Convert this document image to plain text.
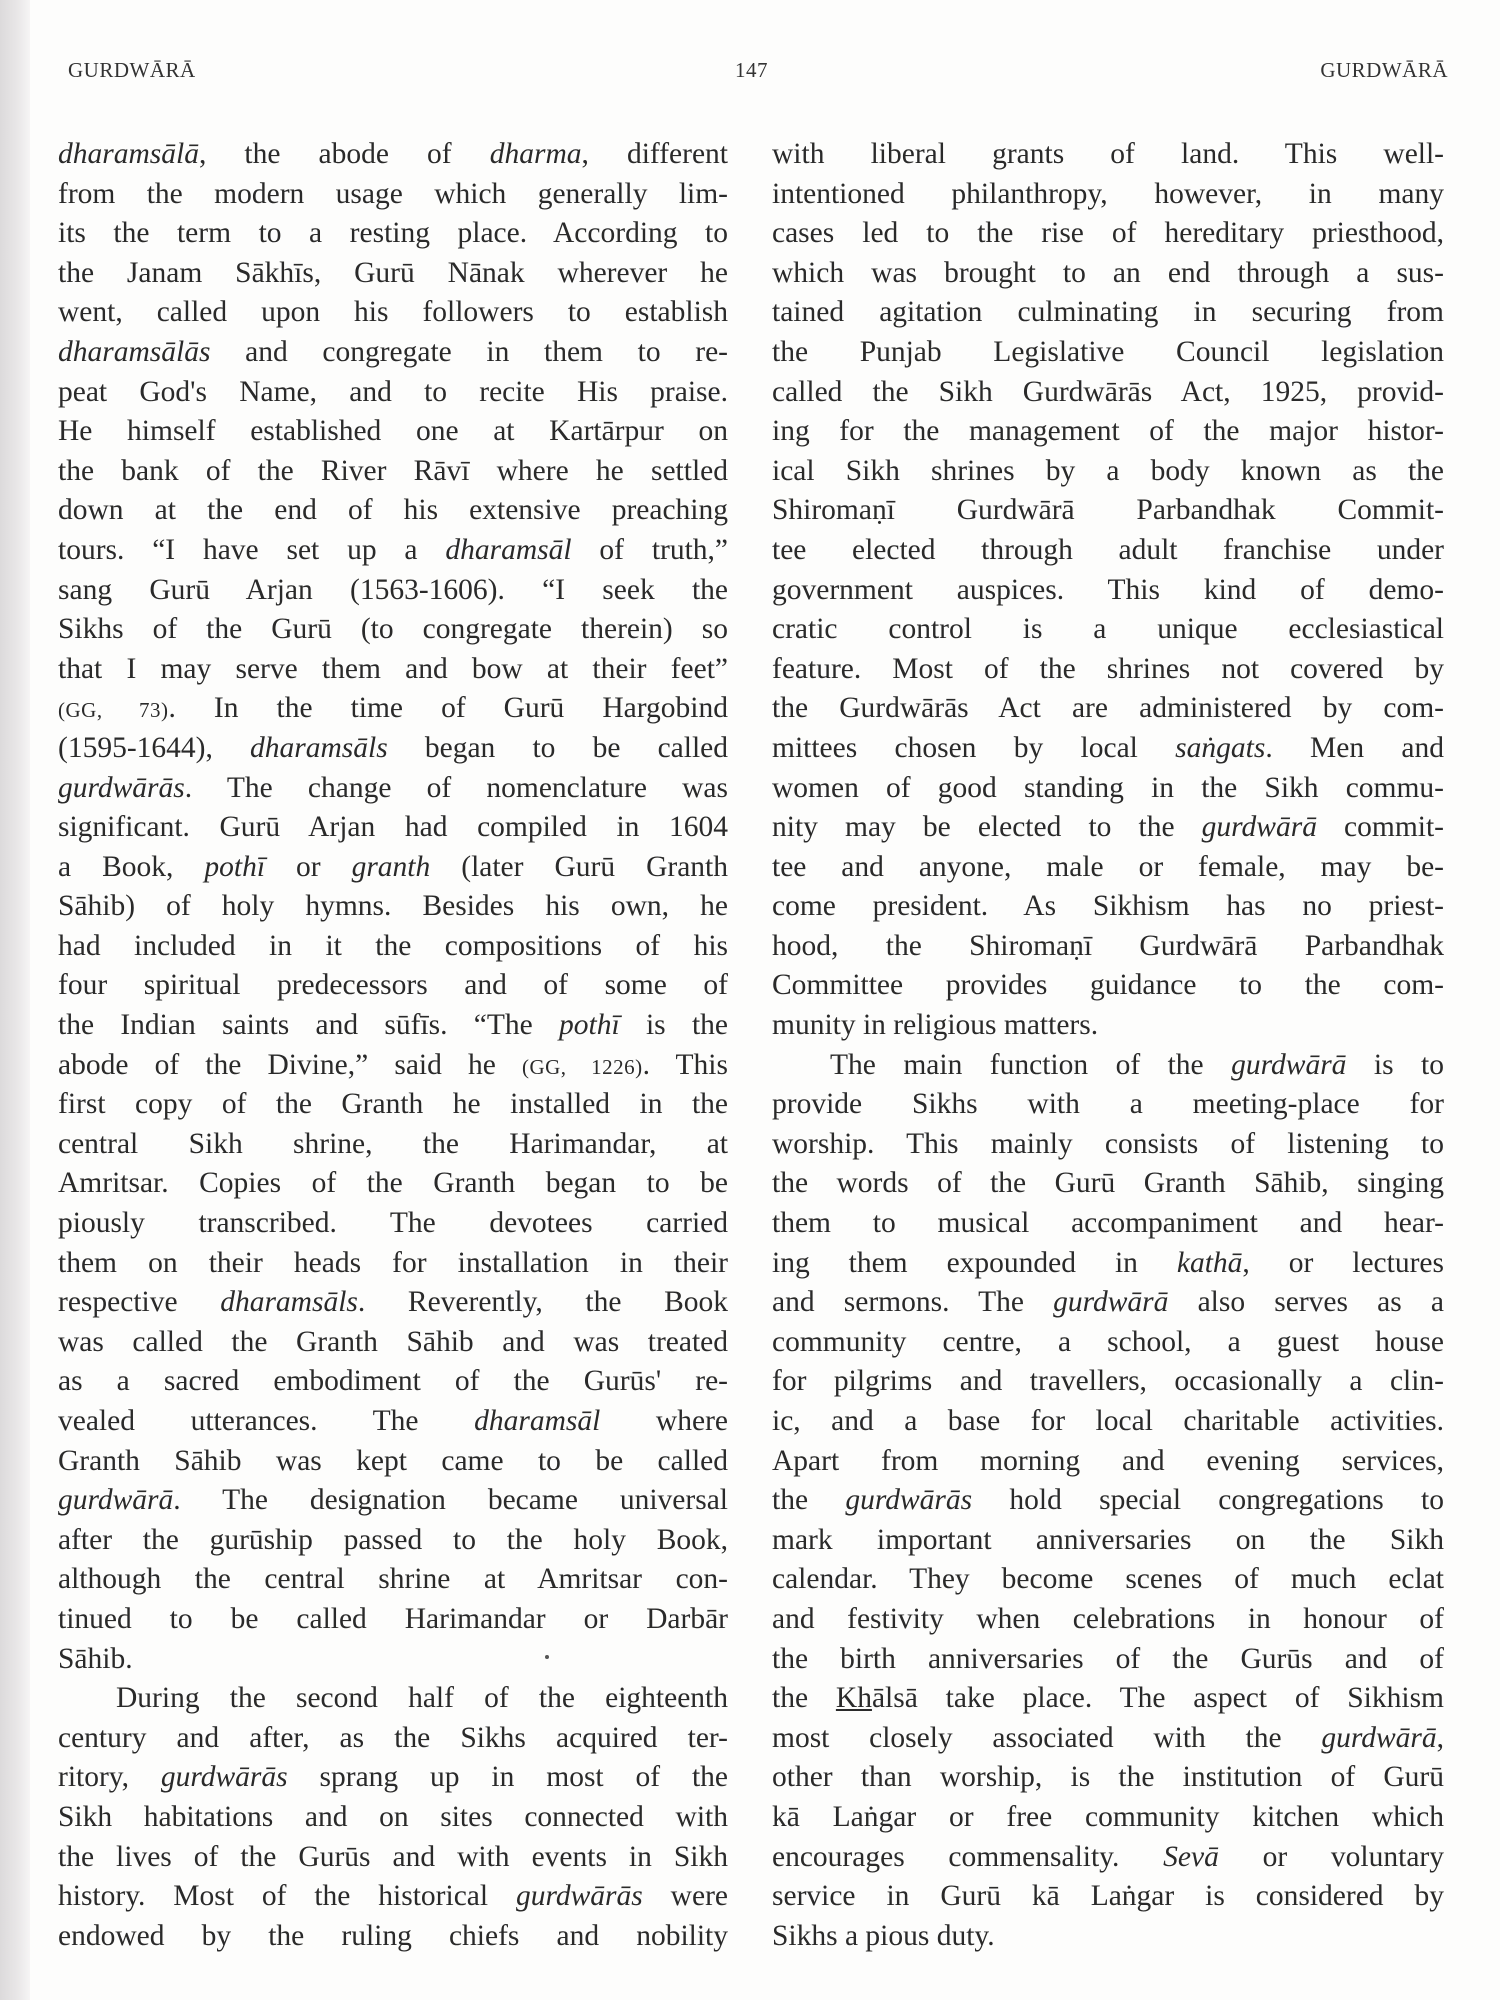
GURDWĀRĀ	147	GURDWĀRĀ
dharamsālā, the abode of dharma, different
from the modern usage which generally lim-
its the term to a resting place. According to
the Janam Sākhīs, Gurū Nānak wherever he
went, called upon his followers to establish
dharamsālās and congregate in them to re-
peat God's Name, and to recite His praise.
He himself established one at Kartārpur on
the bank of the River Rāvī where he settled
down at the end of his extensive preaching
tours. “I have set up a dharamsāl of truth,”
sang Gurū Arjan (1563-1606). “I seek the
Sikhs of the Gurū (to congregate therein) so
that I may serve them and bow at their feet”
(GG, 73). In the time of Gurū Hargobind
(1595-1644), dharamsāls began to be called
gurdwārās. The change of nomenclature was
significant. Gurū Arjan had compiled in 1604
a Book, pothī or granth (later Gurū Granth
Sāhib) of holy hymns. Besides his own, he
had included in it the compositions of his
four spiritual predecessors and of some of
the Indian saints and sūfīs. “The pothī is the
abode of the Divine,” said he (GG, 1226). This
first copy of the Granth he installed in the
central Sikh shrine, the Harimandar, at
Amritsar. Copies of the Granth began to be
piously transcribed. The devotees carried
them on their heads for installation in their
respective dharamsāls. Reverently, the Book
was called the Granth Sāhib and was treated
as a sacred embodiment of the Gurūs' re-
vealed utterances. The dharamsāl where
Granth Sāhib was kept came to be called
gurdwārā. The designation became universal
after the gurūship passed to the holy Book,
although the central shrine at Amritsar con-
tinued to be called Harimandar or Darbār
Sāhib.
During the second half of the eighteenth
century and after, as the Sikhs acquired ter-
ritory, gurdwārās sprang up in most of the
Sikh habitations and on sites connected with
the lives of the Gurūs and with events in Sikh
history. Most of the historical gurdwārās were
endowed by the ruling chiefs and nobility
with liberal grants of land. This well-
intentioned philanthropy, however, in many
cases led to the rise of hereditary priesthood,
which was brought to an end through a sus-
tained agitation culminating in securing from
the Punjab Legislative Council legislation
called the Sikh Gurdwārās Act, 1925, provid-
ing for the management of the major histor-
ical Sikh shrines by a body known as the
Shiromaṇī Gurdwārā Parbandhak Commit-
tee elected through adult franchise under
government auspices. This kind of demo-
cratic control is a unique ecclesiastical
feature. Most of the shrines not covered by
the Gurdwārās Act are administered by com-
mittees chosen by local saṅgats. Men and
women of good standing in the Sikh commu-
nity may be elected to the gurdwārā commit-
tee and anyone, male or female, may be-
come president. As Sikhism has no priest-
hood, the Shiromaṇī Gurdwārā Parbandhak
Committee provides guidance to the com-
munity in religious matters.
The main function of the gurdwārā is to
provide Sikhs with a meeting-place for
worship. This mainly consists of listening to
the words of the Gurū Granth Sāhib, singing
them to musical accompaniment and hear-
ing them expounded in kathā, or lectures
and sermons. The gurdwārā also serves as a
community centre, a school, a guest house
for pilgrims and travellers, occasionally a clin-
ic, and a base for local charitable activities.
Apart from morning and evening services,
the gurdwārās hold special congregations to
mark important anniversaries on the Sikh
calendar. They become scenes of much eclat
and festivity when celebrations in honour of
the birth anniversaries of the Gurūs and of
the Khālsā take place. The aspect of Sikhism
most closely associated with the gurdwārā,
other than worship, is the institution of Gurū
kā Laṅgar or free community kitchen which
encourages commensality. Sevā or voluntary
service in Gurū kā Laṅgar is considered by
Sikhs a pious duty.
